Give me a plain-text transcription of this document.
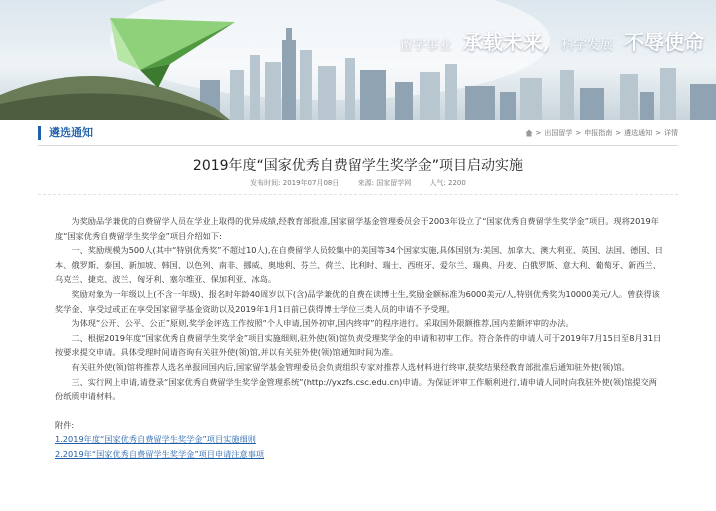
留学事业 承载未来, 科学发展 不辱使命
遴选通知	> 出国留学 > 申报指南 > 遴选通知 > 详情
2019年度“国家优秀自费留学生奖学金”项目启动实施
发布时间: 2019年07月08日	来源: 国家留学网	人气: 2200

为奖励品学兼优的自费留学人员在学业上取得的优异成绩,经教育部批准,国家留学基金管理委员会于2003年设立了“国家优秀自费留学生奖学金”项目。现将2019年度“国家优秀自费留学生奖学金”项目介绍如下:

一、奖励规模为500人(其中“特别优秀奖”不超过10人),在自费留学人员较集中的美国等34个国家实施,具体国别为:美国、加拿大、澳大利亚、英国、法国、德国、日本、俄罗斯、泰国、新加坡、韩国、以色列、南非、挪威、奥地利、芬兰、荷兰、比利时、瑞士、西班牙、爱尔兰、瑞典、丹麦、白俄罗斯、意大利、葡萄牙、新西兰、乌克兰、捷克、波兰、匈牙利、塞尔维亚、保加利亚、冰岛。

奖励对象为一年级以上(不含一年级)、报名时年龄40周岁以下(含)品学兼优的自费在读博士生,奖励金额标准为6000美元/人,特别优秀奖为10000美元/人。曾获得该奖学金、享受过或正在享受国家留学基金资助以及2019年1月1日前已获得博士学位三类人员的申请不予受理。

为体现“公开、公平、公正”原则,奖学金评选工作按照“个人申请,国外初审,国内终审”的程序进行。采取国外限额推荐,国内差额评审的办法。

二、根据2019年度“国家优秀自费留学生奖学金”项目实施细则,驻外使(领)馆负责受理奖学金的申请和初审工作。符合条件的申请人可于2019年7月15日至8月31日按要求提交申请。具体受理时间请咨询有关驻外使(领)馆,并以有关驻外使(领)馆通知时间为准。

有关驻外使(领)馆将推荐人选名单报回国内后,国家留学基金管理委员会负责组织专家对推荐人选材料进行终审,获奖结果经教育部批准后通知驻外使(领)馆。

三、实行网上申请,请登录“国家优秀自费留学生奖学金管理系统”(http://yxzfs.csc.edu.cn)申请。为保证评审工作顺利进行,请申请人同时向我驻外使(领)馆提交两份纸质申请材料。

附件:

1.2019年度“国家优秀自费留学生奖学金”项目实施细则
2.2019年“国家优秀自费留学生奖学金”项目申请注意事项
